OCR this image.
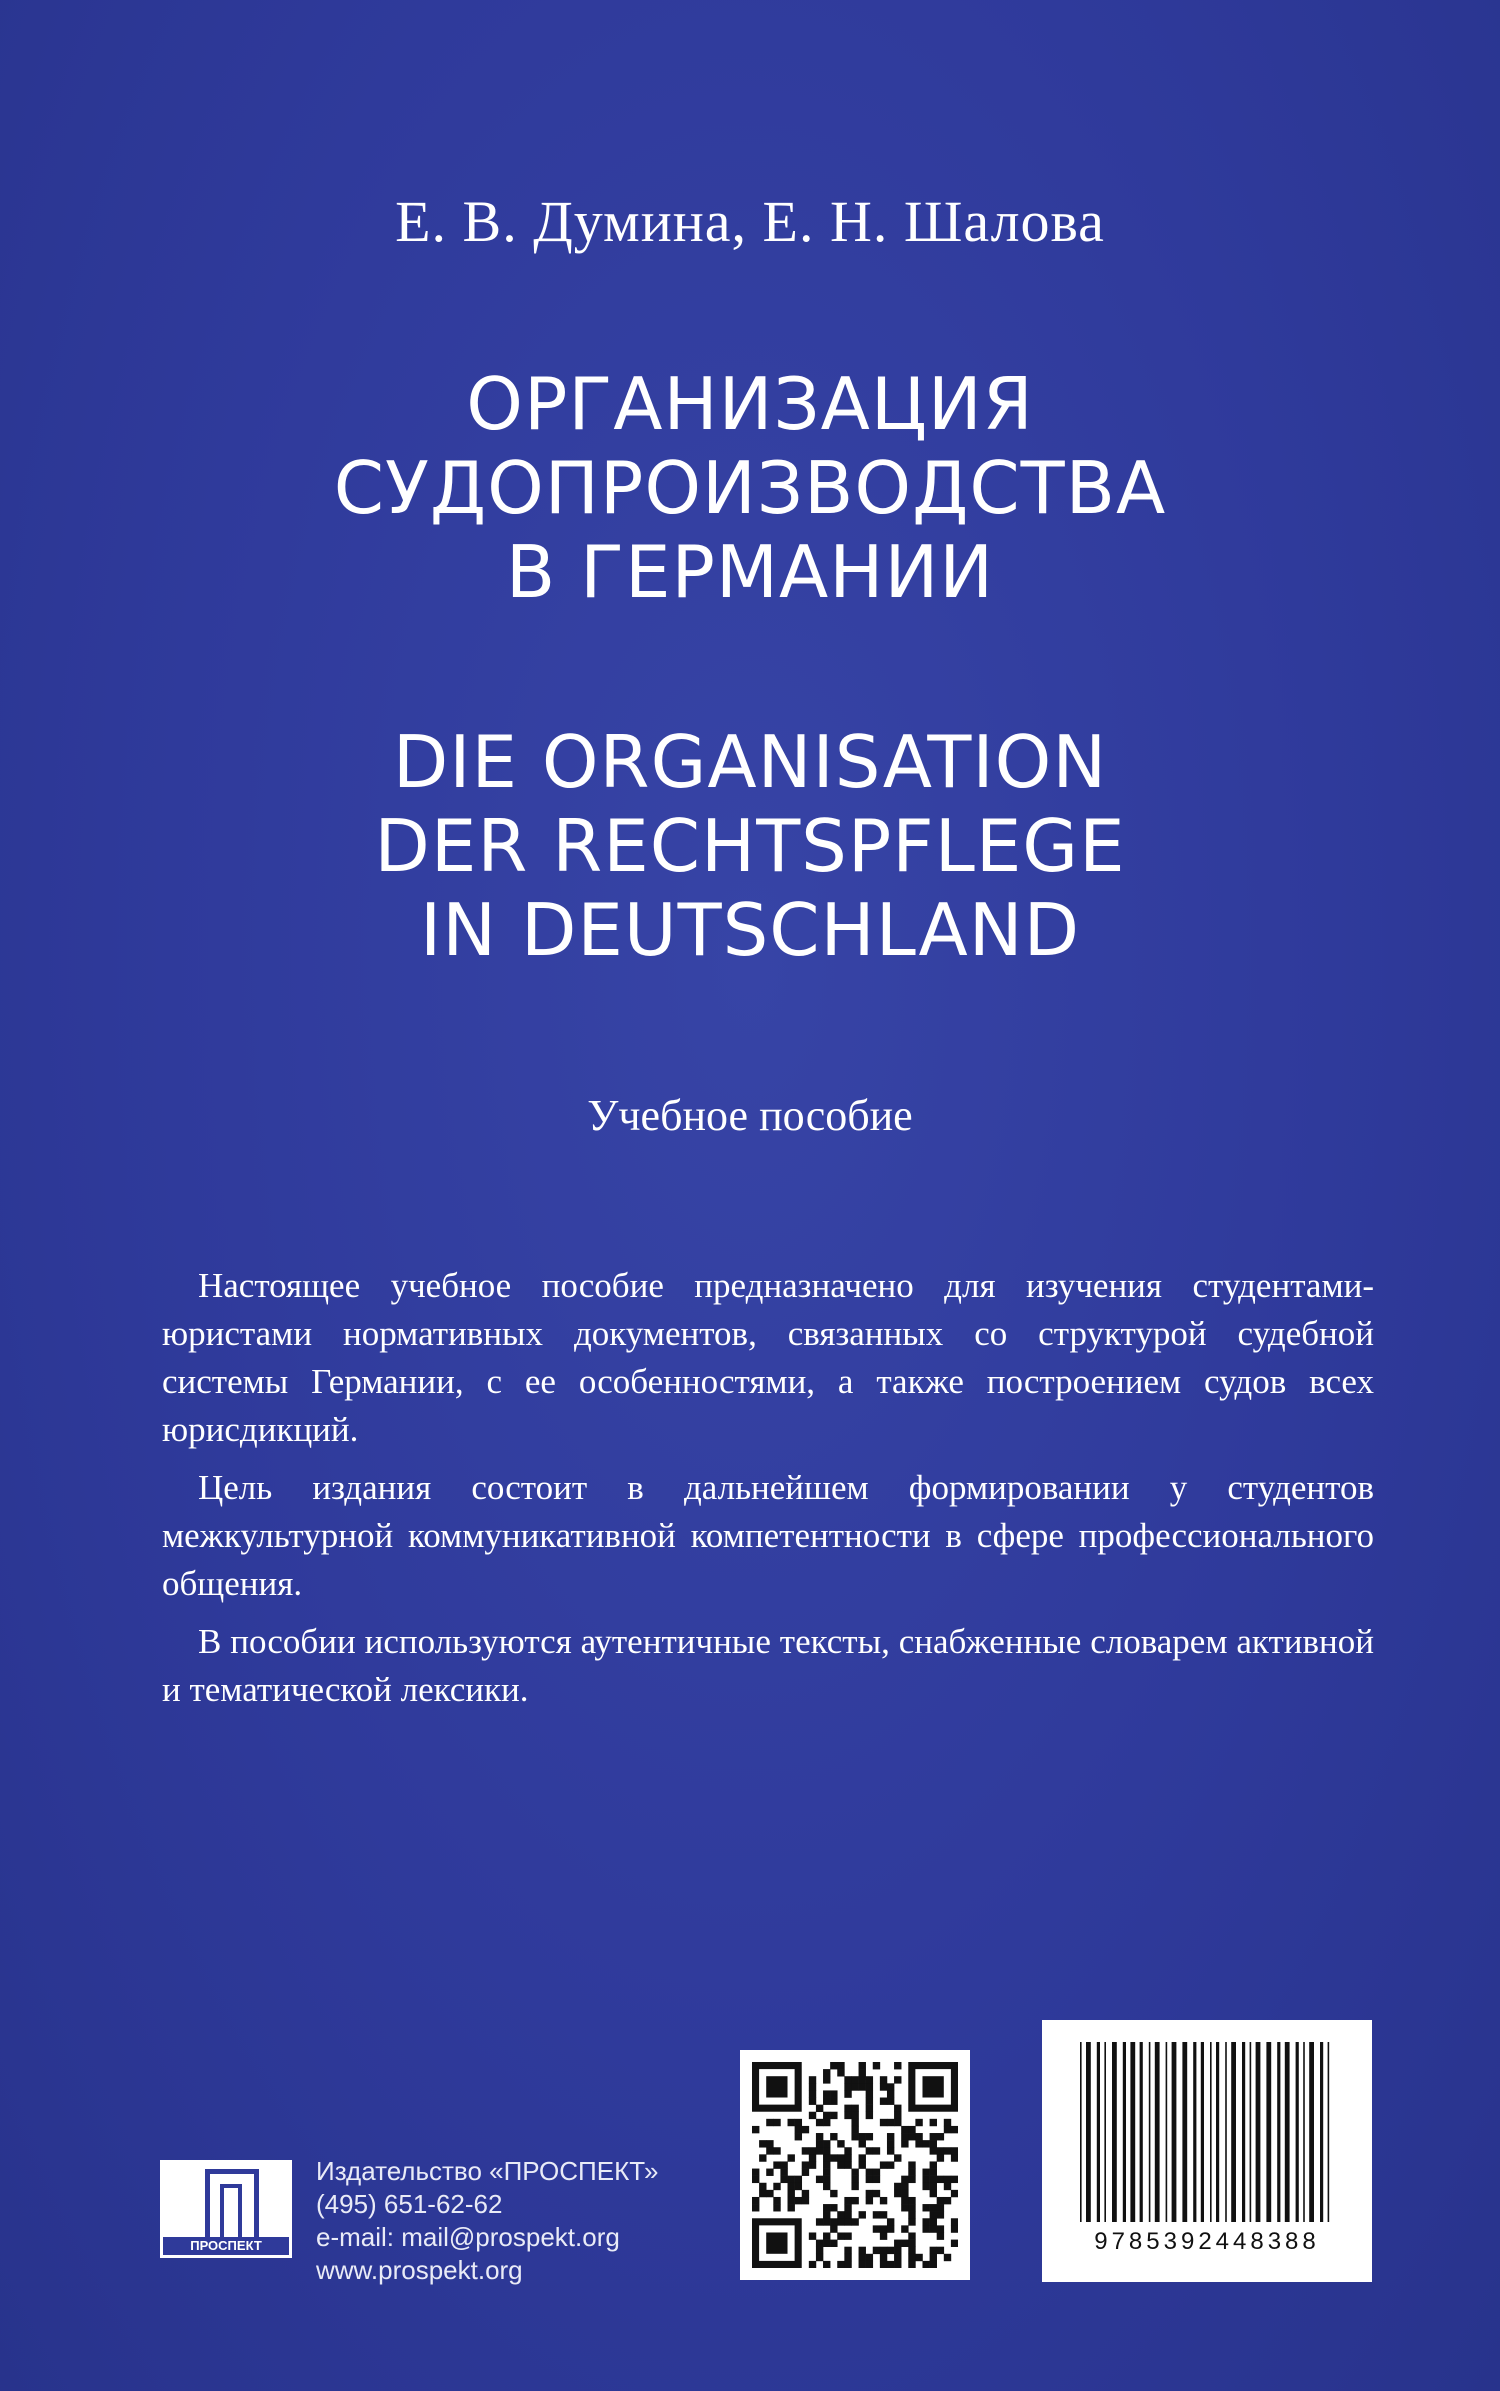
Е. В. Думина, Е. Н. Шалова
ОРГАНИЗАЦИЯ
СУДОПРОИЗВОДСТВА
В ГЕРМАНИИ
DIE ORGANISATION
DER RECHTSPFLEGE
IN DEUTSCHLAND
Учебное пособие

Настоящее учебное пособие предназначено для изучения студентами-юристами нормативных документов, связанных со структурой судебной системы Германии, с ее особенностями, а также построением судов всех юрисдикций.

Цель издания состоит в дальнейшем формировании у студентов межкультурной коммуникативной компетентности в сфере профессионального общения.

В пособии используются аутентичные тексты, снабженные словарем активной и тематической лексики.

ПРОСПЕКТ
Издательство «ПРОСПЕКТ»
(495) 651-62-62
e-mail: mail@prospekt.org
www.prospekt.org
9785392448388
